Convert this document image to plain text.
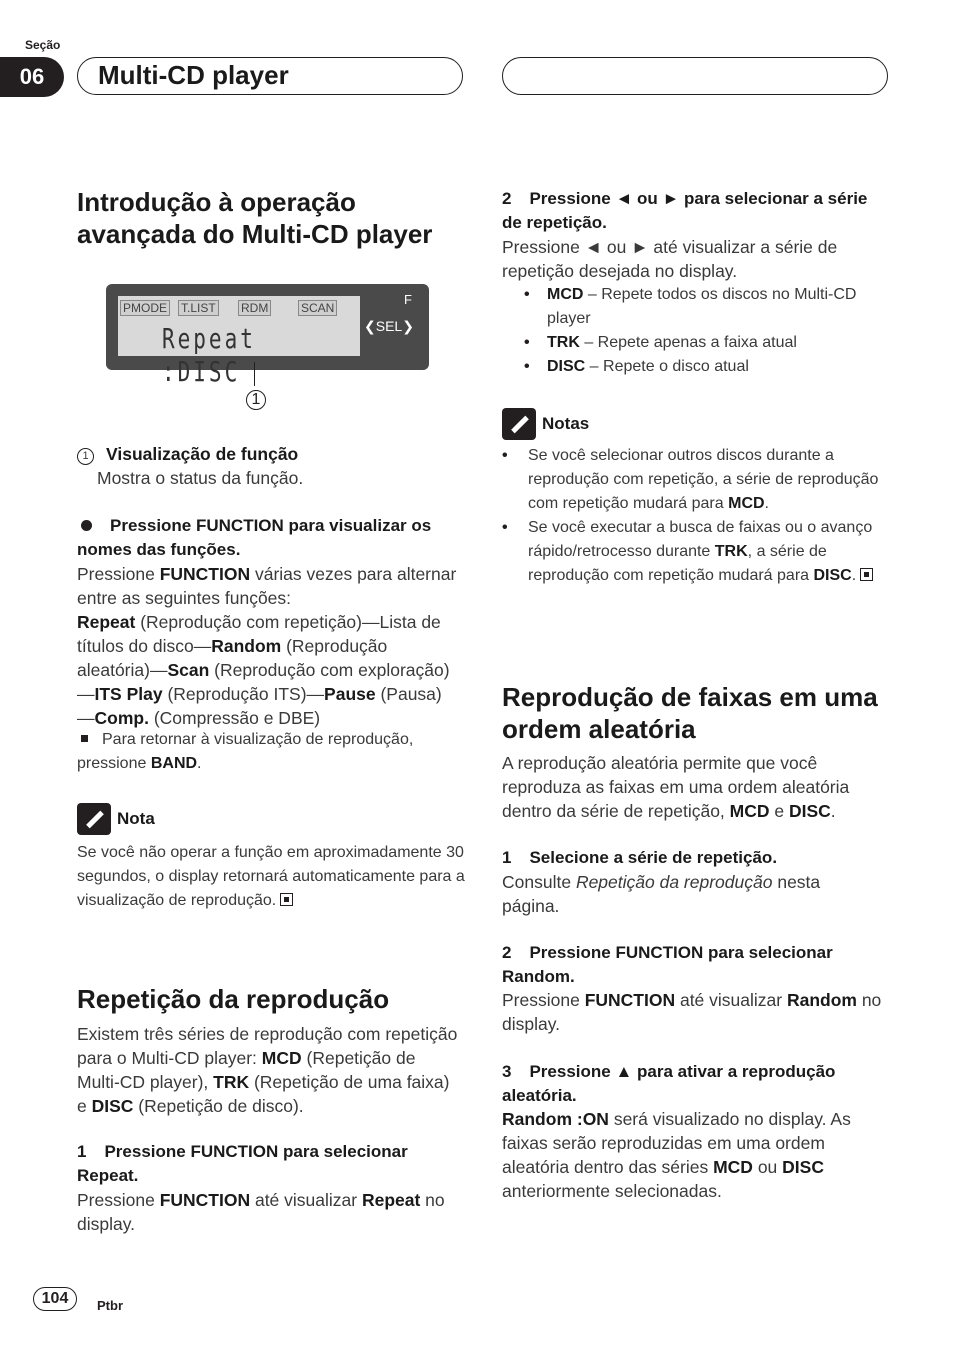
Seção
06	Multi-CD player
Introdução à operação avançada do Multi-CD player
PMODE T.LIST RDM	SCAN
Repeat :DISC
❮SEL❯
F
1
1 Visualização de função
Mostra o status da função.
Pressione FUNCTION para visualizar os nomes das funções.
Pressione FUNCTION várias vezes para alternar entre as seguintes funções:
Repeat (Reprodução com repetição)—Lista de títulos do disco—Random (Reprodução aleatória)—Scan (Reprodução com exploração)—ITS Play (Reprodução ITS)—Pause (Pausa)—Comp. (Compressão e DBE)
Para retornar à visualização de reprodução, pressione BAND.
Nota
Se você não operar a função em aproximadamente 30 segundos, o display retornará automaticamente para a visualização de reprodução.
Repetição da reprodução
Existem três séries de reprodução com repetição para o Multi-CD player: MCD (Repetição de Multi-CD player), TRK (Repetição de uma faixa) e DISC (Repetição de disco).
1 Pressione FUNCTION para selecionar Repeat.
Pressione FUNCTION até visualizar Repeat no display.
2 Pressione ◄ ou ► para selecionar a série de repetição.
Pressione ◄ ou ► até visualizar a série de repetição desejada no display.
• MCD – Repete todos os discos no Multi-CD player
• TRK – Repete apenas a faixa atual
• DISC – Repete o disco atual
Notas
• Se você selecionar outros discos durante a reprodução com repetição, a série de reprodução com repetição mudará para MCD.
• Se você executar a busca de faixas ou o avanço rápido/retrocesso durante TRK, a série de reprodução com repetição mudará para DISC.
Reprodução de faixas em uma ordem aleatória
A reprodução aleatória permite que você reproduza as faixas em uma ordem aleatória dentro da série de repetição, MCD e DISC.
1 Selecione a série de repetição.
Consulte Repetição da reprodução nesta página.
2 Pressione FUNCTION para selecionar Random.
Pressione FUNCTION até visualizar Random no display.
3 Pressione ▲ para ativar a reprodução aleatória.
Random :ON será visualizado no display. As faixas serão reproduzidas em uma ordem aleatória dentro das séries MCD ou DISC anteriormente selecionadas.
104	Ptbr
